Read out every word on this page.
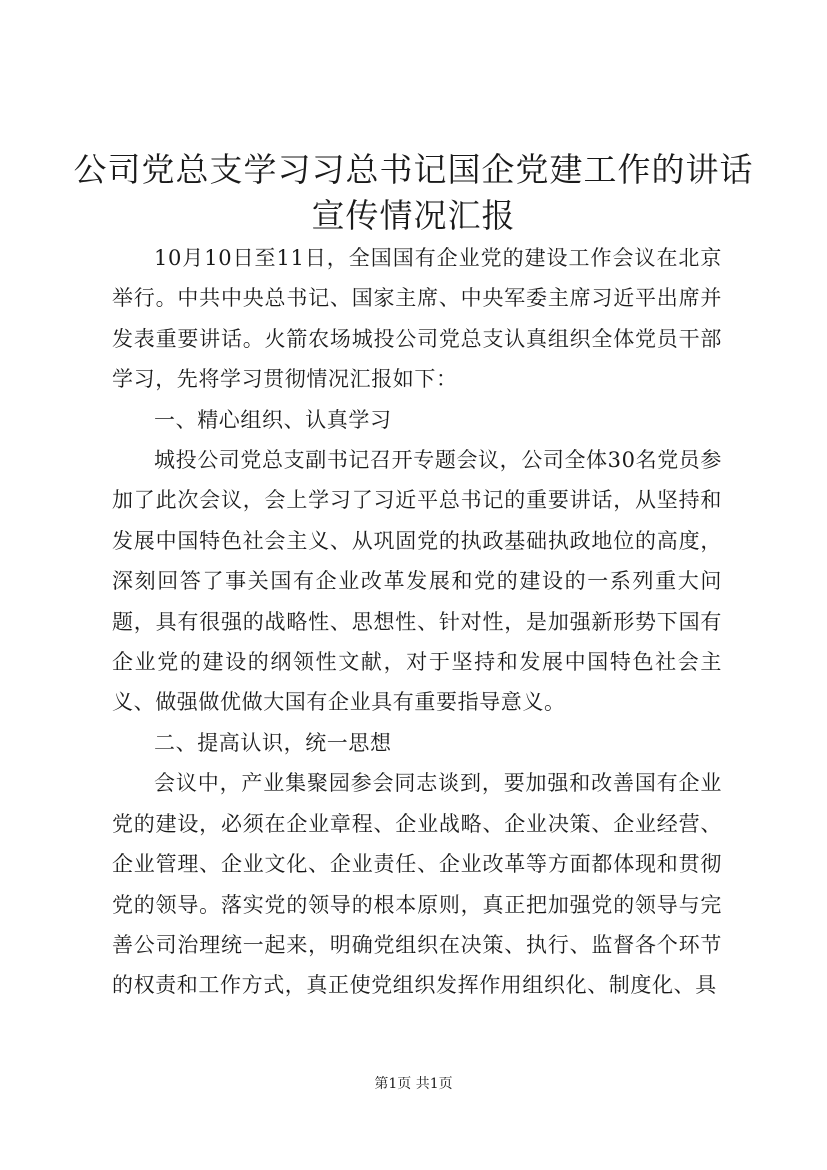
公司党总支学习习总书记国企党建工作的讲话
宣传情况汇报

10月10日至11日，全国国有企业党的建设工作会议在北京举行。中共中央总书记、国家主席、中央军委主席习近平出席并发表重要讲话。火箭农场城投公司党总支认真组织全体党员干部学习，先将学习贯彻情况汇报如下：

一、精心组织、认真学习

城投公司党总支副书记召开专题会议，公司全体30名党员参加了此次会议，会上学习了习近平总书记的重要讲话，从坚持和发展中国特色社会主义、从巩固党的执政基础执政地位的高度，深刻回答了事关国有企业改革发展和党的建设的一系列重大问题，具有很强的战略性、思想性、针对性，是加强新形势下国有企业党的建设的纲领性文献，对于坚持和发展中国特色社会主义、做强做优做大国有企业具有重要指导意义。

二、提高认识，统一思想

会议中，产业集聚园参会同志谈到，要加强和改善国有企业党的建设，必须在企业章程、企业战略、企业决策、企业经营、企业管理、企业文化、企业责任、企业改革等方面都体现和贯彻党的领导。落实党的领导的根本原则，真正把加强党的领导与完善公司治理统一起来，明确党组织在决策、执行、监督各个环节的权责和工作方式，真正使党组织发挥作用组织化、制度化、具

第1页 共1页
